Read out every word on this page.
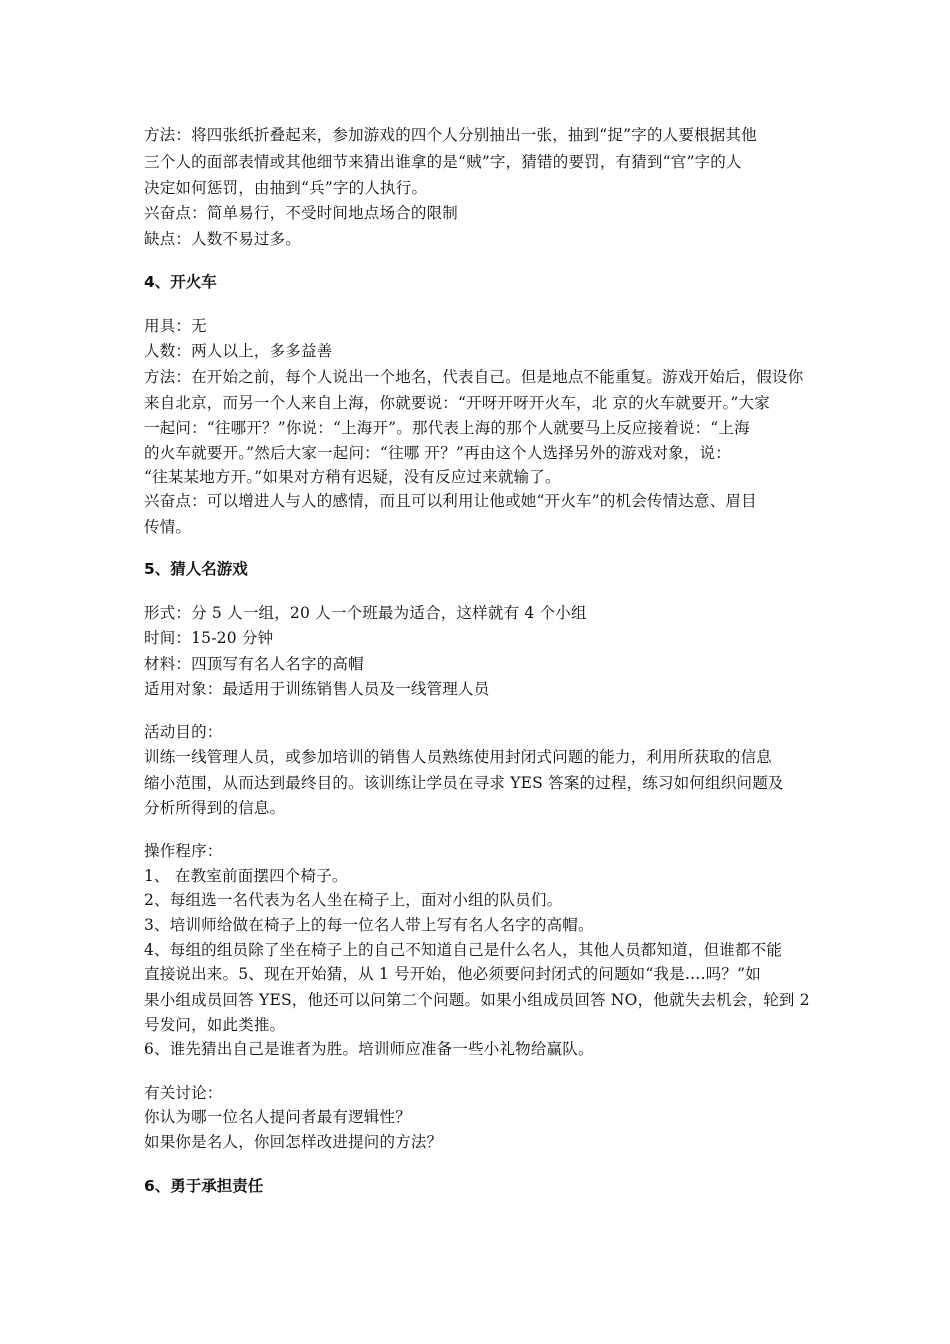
方法：将四张纸折叠起来，参加游戏的四个人分别抽出一张，抽到“捉”字的人要根据其他
三个人的面部表情或其他细节来猜出谁拿的是“贼”字，猜错的要罚，有猜到“官”字的人
决定如何惩罚，由抽到“兵”字的人执行。
兴奋点：简单易行，不受时间地点场合的限制
缺点：人数不易过多。
4、开火车
用具：无
人数：两人以上，多多益善
方法：在开始之前，每个人说出一个地名，代表自己。但是地点不能重复。游戏开始后，假设你
来自北京，而另一个人来自上海，你就要说：“开呀开呀开火车，北 京的火车就要开。”大家
一起问：“往哪开？”你说：“上海开”。那代表上海的那个人就要马上反应接着说：“上海
的火车就要开。”然后大家一起问：“往哪 开？”再由这个人选择另外的游戏对象，说：
“往某某地方开。”如果对方稍有迟疑，没有反应过来就输了。
兴奋点：可以增进人与人的感情，而且可以利用让他或她“开火车”的机会传情达意、眉目
传情。
5、猜人名游戏
形式：分 5 人一组，20 人一个班最为适合，这样就有 4 个小组
时间：15-20 分钟
材料：四顶写有名人名字的高帽
适用对象：最适用于训练销售人员及一线管理人员
活动目的：
训练一线管理人员，或参加培训的销售人员熟练使用封闭式问题的能力，利用所获取的信息
缩小范围，从而达到最终目的。该训练让学员在寻求 YES 答案的过程，练习如何组织问题及
分析所得到的信息。
操作程序：
1、 在教室前面摆四个椅子。
2、每组选一名代表为名人坐在椅子上，面对小组的队员们。
3、培训师给做在椅子上的每一位名人带上写有名人名字的高帽。
4、每组的组员除了坐在椅子上的自己不知道自己是什么名人，其他人员都知道，但谁都不能
直接说出来。5、现在开始猜，从 1 号开始，他必须要问封闭式的问题如“我是….吗？”如
果小组成员回答 YES，他还可以问第二个问题。如果小组成员回答 NO，他就失去机会，轮到 2
号发问，如此类推。
6、谁先猜出自己是谁者为胜。培训师应准备一些小礼物给赢队。
有关讨论：
你认为哪一位名人提问者最有逻辑性？
如果你是名人，你回怎样改进提问的方法？
6、勇于承担责任
